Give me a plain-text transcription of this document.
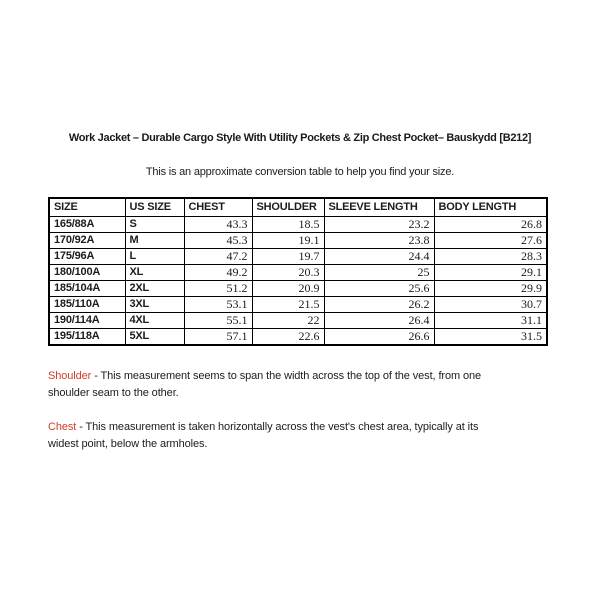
Work Jacket – Durable Cargo Style With Utility Pockets & Zip Chest Pocket– Bauskydd [B212]
This is an approximate conversion table to help you find your size.
SIZE	US SIZE	CHEST	SHOULDER	SLEEVE LENGTH	BODY LENGTH
165/88A	S	43.3	18.5	23.2	26.8
170/92A	M	45.3	19.1	23.8	27.6
175/96A	L	47.2	19.7	24.4	28.3
180/100A	XL	49.2	20.3	25	29.1
185/104A	2XL	51.2	20.9	25.6	29.9
185/110A	3XL	53.1	21.5	26.2	30.7
190/114A	4XL	55.1	22	26.4	31.1
195/118A	5XL	57.1	22.6	26.6	31.5

Shoulder - This measurement seems to span the width across the top of the vest, from one
shoulder seam to the other.

Chest - This measurement is taken horizontally across the vest's chest area, typically at its
widest point, below the armholes.
